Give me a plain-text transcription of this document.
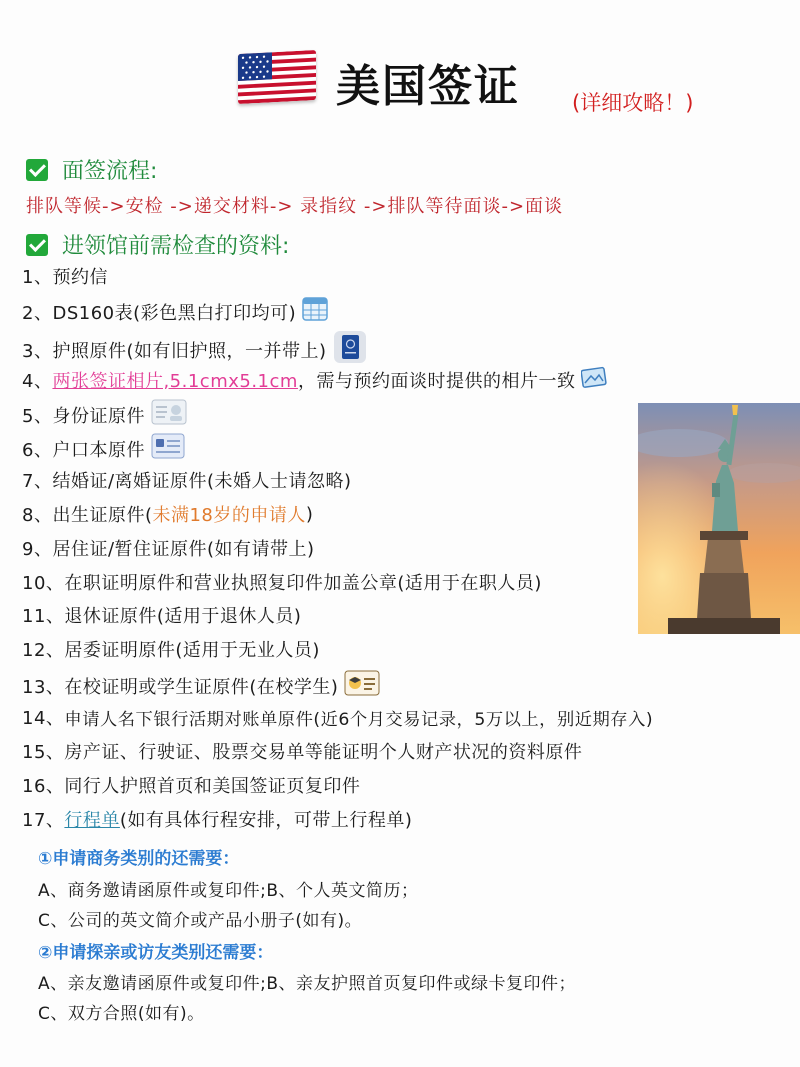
美国签证 (详细攻略！)
面签流程:
排队等候->安检 ->递交材料-> 录指纹 ->排队等待面谈->面谈
进领馆前需检查的资料:
1、 预约信
2、 DS160表(彩色黑白打印均可)
3、 护照原件(如有旧护照，一并带上)
4、 两张签证相片,5.1cmx5.1cm ，需与预约面谈时提供的相片一致
5、 身份证原件
6、 户口本原件
7、 结婚证/离婚证原件(未婚人士请忽略)
8、 出生证原件( 未满18岁的申请人 )
9、 居住证/暂住证原件(如有请带上)
10、 在职证明原件和营业执照复印件加盖公章(适用于在职人员)
11、 退休证原件(适用于退休人员)
12、 居委证明原件(适用于无业人员)
13、 在校证明或学生证原件(在校学生)
14、 申请人名下银行活期对账单原件(近6个月交易记录，5万以上，别近期存入)
15、 房产证、行驶证、股票交易单等能证明个人财产状况的资料原件
16、 同行人护照首页和美国签证页复印件
17、 行程单 (如有具体行程安排，可带上行程单)
①申请商务类别的还需要：
A、商务邀请函原件或复印件;B、个人英文简历；
C、公司的英文简介或产品小册子(如有)。
②申请探亲或访友类别还需要：
A、亲友邀请函原件或复印件;B、亲友护照首页复印件或绿卡复印件；
C、双方合照(如有)。
